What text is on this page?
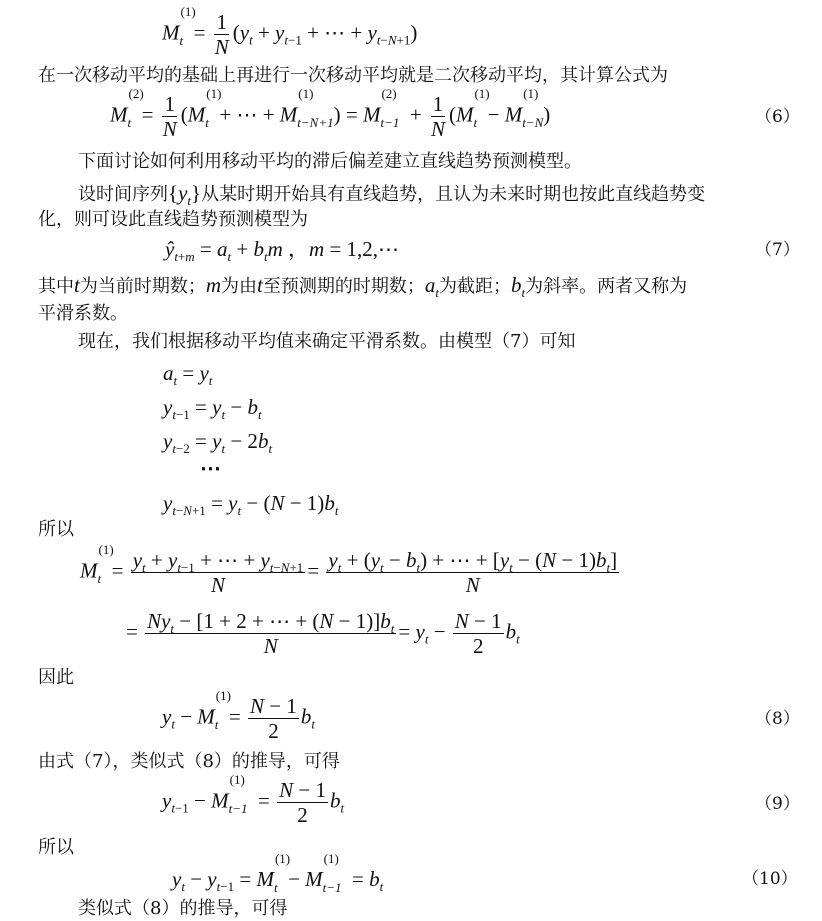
M
(1)
$t = \frac{1}{N} (y_t + y_{t-1}$ + ⋯ + $y_{t-N+1}$)
在一次移动平均的基础上再进行一次移动平均就是二次移动平均，其计算公式为
M
(2)
$t = \frac{1}{N} (M$
(1)
t  + ⋯ + M
(1)
t−N+1) = M
(2)
$t-1 + \frac{1}{N} (M$
(1)
t  − M
(1)
t−N)	（6）
下面讨论如何利用移动平均的滞后偏差建立直线趋势预测模型。
设时间序列$\{y_t\}$从某时期开始具有直线趋势，且认为未来时期也按此直线趋势变
化，则可设此直线趋势预测模型为
$ŷ_{t+m} = a_t + b_tm$ ，m = 1,2,⋯	（7）
其中t为当前时期数；m为由t至预测期的时期数；$a_t$为截距；$b_t$为斜率。两者又称为
平滑系数。
现在，我们根据移动平均值来确定平滑系数。由模型（7）可知
$a_t = y_t$
$y_{t-1} = y_t - b_t$
$y_{t-2} = y_t - 2b_t$
⋯
$y_{t-N+1} = y_t - (N - 1)b_t$
所以
M
(1)
$t = \frac{y_t + y_{t-1} + \cdots + y_{t-N+1}}{N} = \frac{y_t + (y_t - b_t) + \cdots + [y_t - (N - 1)b_t]}{N}$
= $\frac{Ny_t - [1 + 2 + \cdots + (N - 1)]b_t}{N} = y_t - \frac{N - 1}{2} b_t$
因此
$y_t - M$
(1)
$t = \frac{N - 1}{2} b_t$	（8）
由式（7），类似式（8）的推导，可得
$y_{t-1} - M$
(1)
$t-1 = \frac{N - 1}{2} b_t$	（9）
所以
$y_t - y_{t-1} = M$
(1)
t  − M
(1)
$t-1 = b_t$	（10）
类似式（8）的推导，可得
